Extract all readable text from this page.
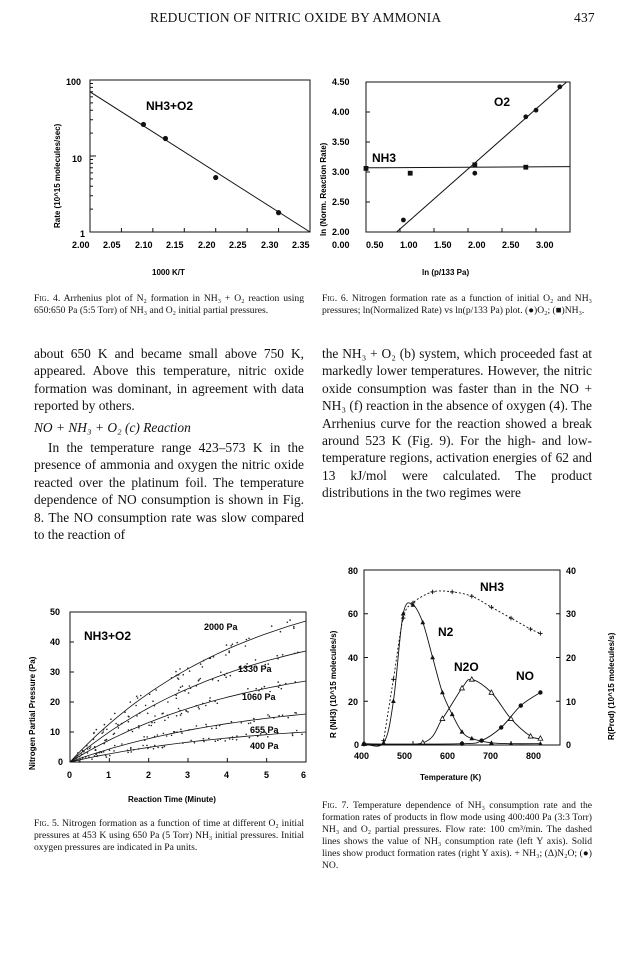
REDUCTION OF NITRIC OXIDE BY AMMONIA	437
100
10
1
2.00 2.05 2.10 2.15 2.20 2.25 2.30 2.35
1000 K/T
Rate (10^15 molecules/sec)
NH3+O2
4.50
4.00
3.50
3.00
2.50
2.00
0.00 0.50 1.00 1.50 2.00 2.50 3.00
ln (p/133 Pa)
ln (Norm. Reaction Rate)
O2
NH3
Fig. 4. Arrhenius plot of N₂ formation in NH₃ + O₂ reaction using 650:650 Pa (5:5 Torr) of NH₃ and O₂ initial partial pressures.
Fig. 6. Nitrogen formation rate as a function of initial O₂ and NH₃ pressures; ln(Normalized Rate) vs ln(p/133 Pa) plot. (●)O₂; (■)NH₃.

about 650 K and became small above 750 K, appeared. Above this temperature, nitric oxide formation was dominant, in agreement with data reported by others.

NO + NH₃ + O₂ (c) Reaction

In the temperature range 423–573 K in the presence of ammonia and oxygen the nitric oxide reacted over the platinum foil. The temperature dependence of NO consumption is shown in Fig. 8. The NO consumption rate was slow compared to the reaction of

the NH₃ + O₂ (b) system, which proceeded fast at markedly lower temperatures. However, the nitric oxide consumption was faster than in the NO + NH₃ (f) reaction in the absence of oxygen (4). The Arrhenius curve for the reaction showed a break around 523 K (Fig. 9). For the high- and low-temperature regions, activation energies of 62 and 13 kJ/mol were calculated. The product distributions in the two regimes were

50
40
30
20
10
0
0	1	2	3	4	5	6
Reaction Time (Minute)
Nitrogen Partial Pressure (Pa)
NH3+O2
2000 Pa
1330 Pa
1060 Pa
655 Pa
400 Pa
80
60
40
20
0
40
30
20
10
0
400	500	600	700	800
Temperature (K)
R (NH3) (10^15 molecules/s)	R(Prod) (10^15 molecules/s)
NH3
N2
N2O
NO
Fig. 5. Nitrogen formation as a function of time at different O₂ initial pressures at 453 K using 650 Pa (5 Torr) NH₃ initial pressures. Initial oxygen pressures are indicated in Pa units.
Fig. 7. Temperature dependence of NH₃ consumption rate and the formation rates of products in flow mode using 400:400 Pa (3:3 Torr) NH₃ and O₂ partial pressures. Flow rate: 100 cm³/min. The dashed lines shows the value of NH₃ consumption rate (left Y axis). Solid lines show product formation rates (right Y axis). + NH₃; (Δ)N₂O; (●) NO.
